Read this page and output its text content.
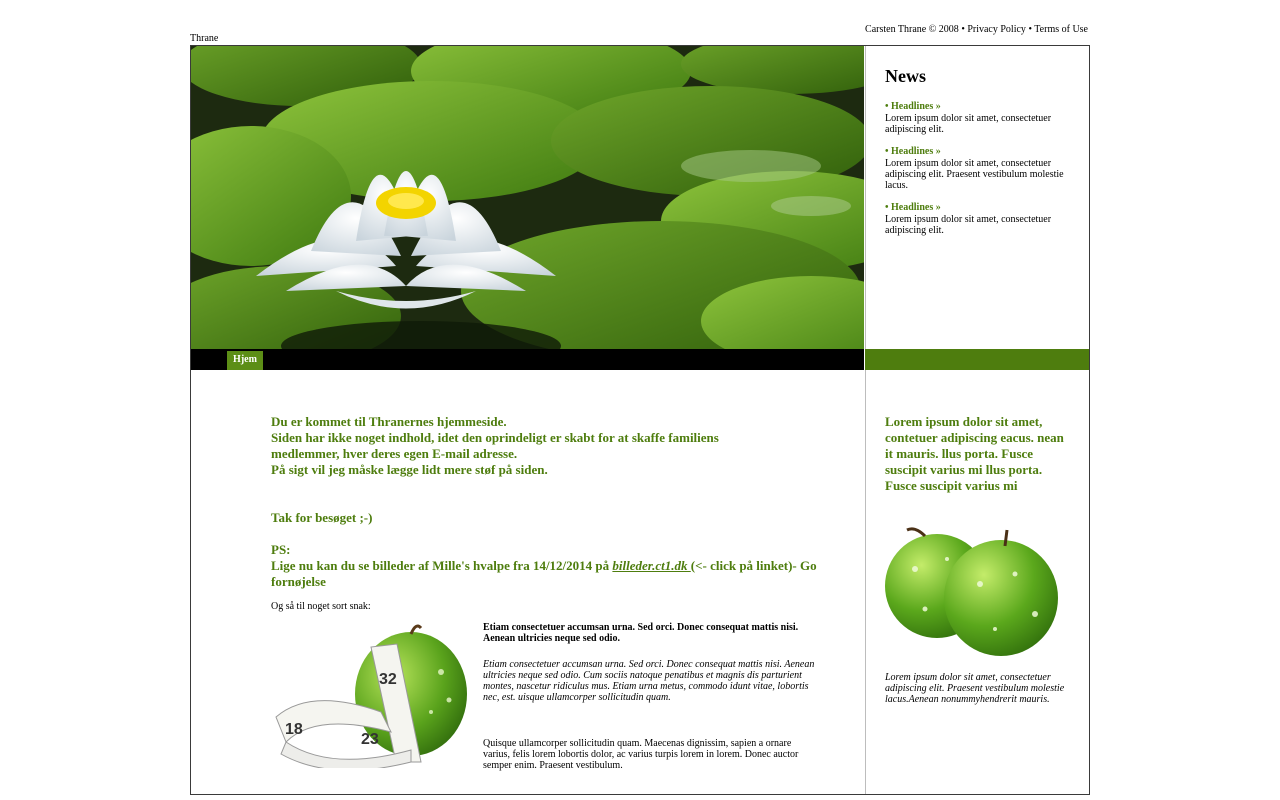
Thrane
Carsten Thrane © 2008 • Privacy Policy • Terms of Use
News
• Headlines »
Lorem ipsum dolor sit amet, consectetuer adipiscing elit.
• Headlines »
Lorem ipsum dolor sit amet, consectetuer adipiscing elit. Praesent vestibulum molestie lacus.
• Headlines »
Lorem ipsum dolor sit amet, consectetuer adipiscing elit.
Hjem

Du er kommet til Thranernes hjemmeside.

Siden har ikke noget indhold, idet den oprindeligt er skabt for at skaffe familiens medlemmer, hver deres egen E-mail adresse.

På sigt vil jeg måske lægge lidt mere støf på siden.

Tak for besøget ;-)

PS:

Lige nu kan du se billeder af Mille's hvalpe fra 14/12/2014 på billeder.ct1.dk (<- click på linket)- Go fornøjelse

Og så til noget sort snak:
32
18
23

Etiam consectetuer accumsan urna. Sed orci. Donec consequat mattis nisi. Aenean ultricies neque sed odio.

Etiam consectetuer accumsan urna. Sed orci. Donec consequat mattis nisi. Aenean ultricies neque sed odio. Cum sociis natoque penatibus et magnis dis parturient montes, nascetur ridiculus mus. Etiam urna metus, commodo idunt vitae, lobortis nec, est. uisque ullamcorper sollicitudin quam.

Quisque ullamcorper sollicitudin quam. Maecenas dignissim, sapien a ornare varius, felis lorem lobortis dolor, ac varius turpis lorem in lorem. Donec auctor semper enim. Praesent vestibulum.

Lorem ipsum dolor sit amet, contetuer adipiscing eacus. nean it mauris. llus porta. Fusce suscipit varius mi llus porta. Fusce suscipit varius mi

Lorem ipsum dolor sit amet, consectetuer adipiscing elit. Praesent vestibulum molestie lacus.Aenean nonummyhendrerit mauris.
